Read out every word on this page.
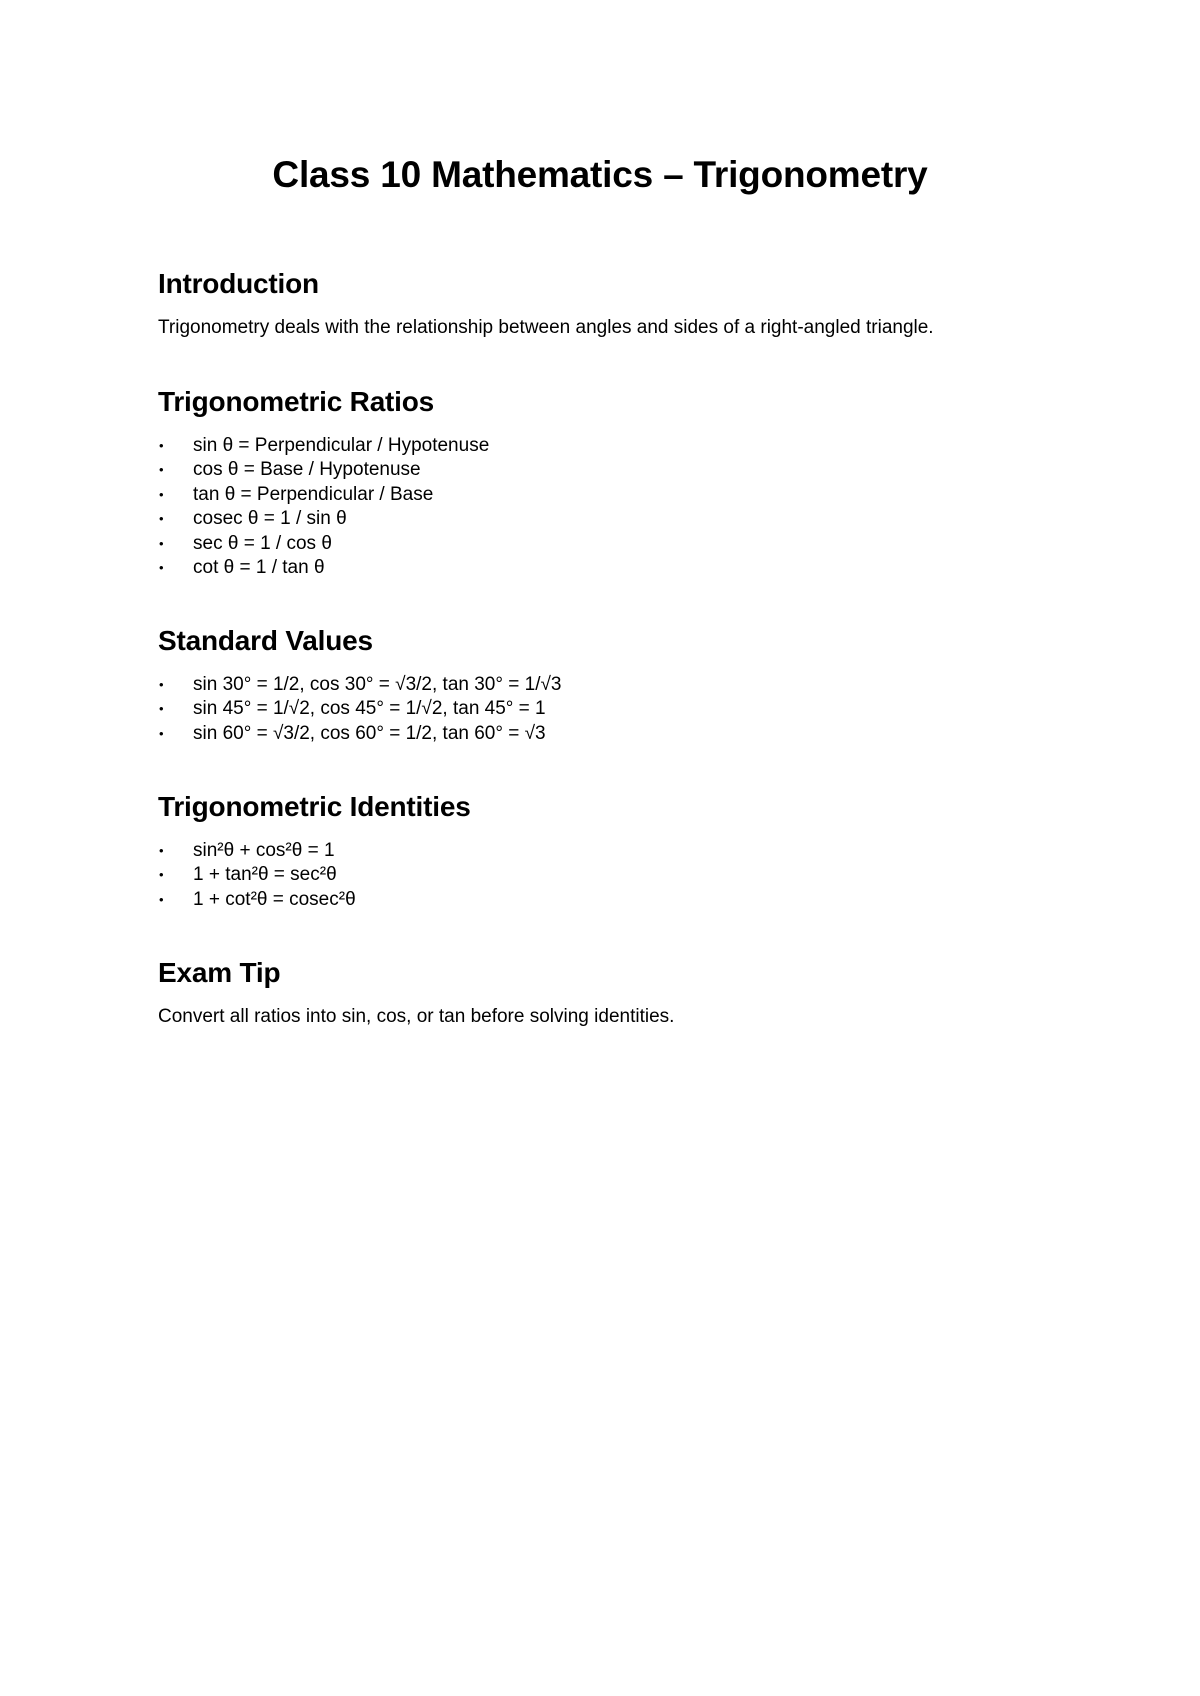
Class 10 Mathematics – Trigonometry
Introduction

Trigonometry deals with the relationship between angles and sides of a right-angled triangle.

Trigonometric Ratios
• sin θ = Perpendicular / Hypotenuse
• cos θ = Base / Hypotenuse
• tan θ = Perpendicular / Base
• cosec θ = 1 / sin θ
• sec θ = 1 / cos θ
• cot θ = 1 / tan θ
Standard Values
• sin 30° = 1/2, cos 30° = √3/2, tan 30° = 1/√3
• sin 45° = 1/√2, cos 45° = 1/√2, tan 45° = 1
• sin 60° = √3/2, cos 60° = 1/2, tan 60° = √3
Trigonometric Identities
• sin²θ + cos²θ = 1
• 1 + tan²θ = sec²θ
• 1 + cot²θ = cosec²θ
Exam Tip

Convert all ratios into sin, cos, or tan before solving identities.
